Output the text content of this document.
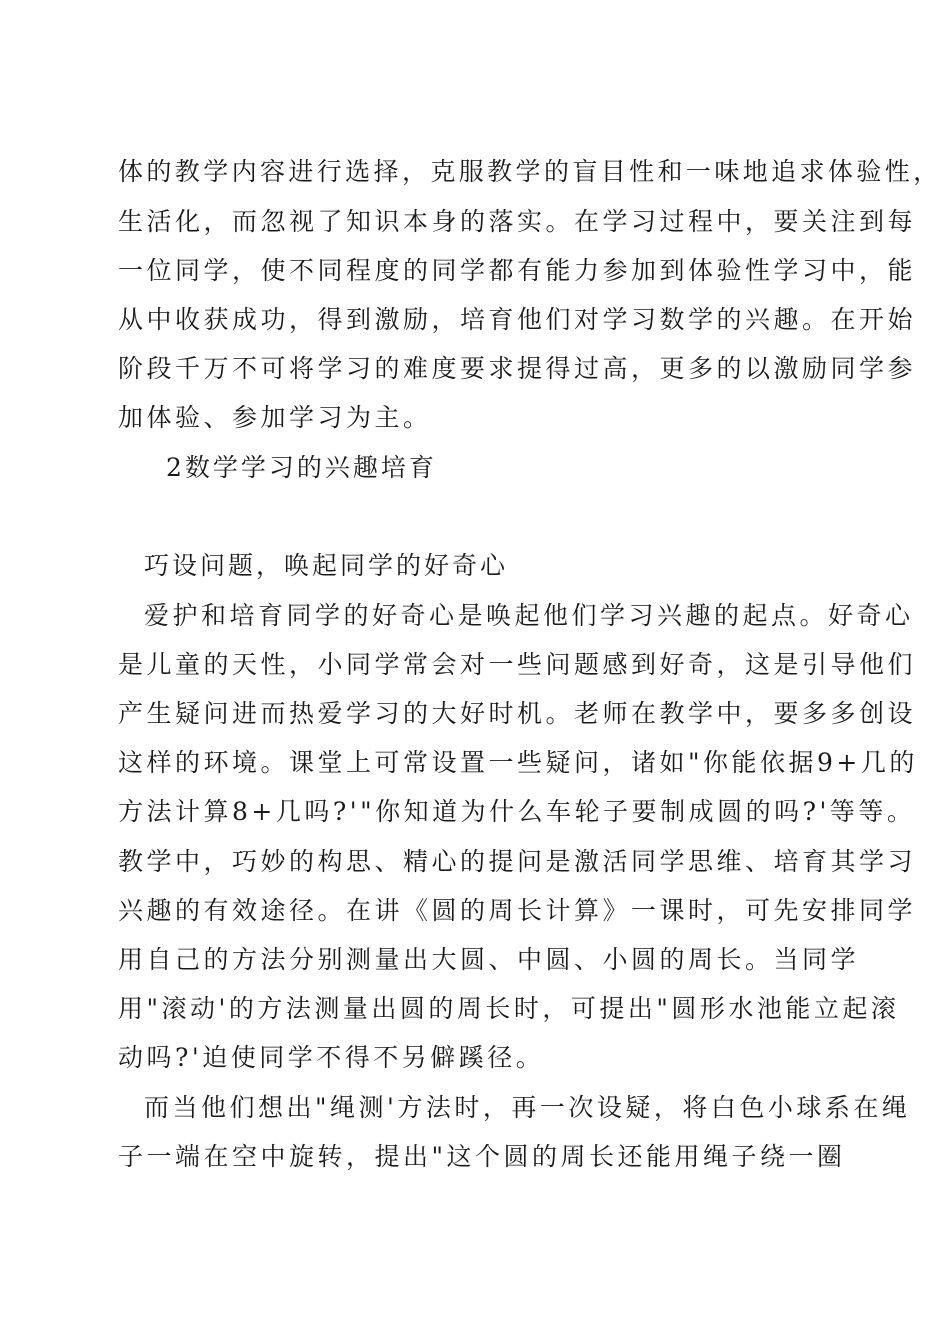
体的教学内容进行选择，克服教学的盲目性和一味地追求体验性，
生活化，而忽视了知识本身的落实。在学习过程中，要关注到每
一位同学，使不同程度的同学都有能力参加到体验性学习中，能
从中收获成功，得到激励，培育他们对学习数学的兴趣。在开始
阶段千万不可将学习的难度要求提得过高，更多的以激励同学参
加体验、参加学习为主。
2数学学习的兴趣培育
巧设问题，唤起同学的好奇心
爱护和培育同学的好奇心是唤起他们学习兴趣的起点。好奇心
是儿童的天性，小同学常会对一些问题感到好奇，这是引导他们
产生疑问进而热爱学习的大好时机。老师在教学中，要多多创设
这样的环境。课堂上可常设置一些疑问，诸如"你能依据9+几的
方法计算8+几吗?'"你知道为什么车轮子要制成圆的吗?'等等。
教学中，巧妙的构思、精心的提问是激活同学思维、培育其学习
兴趣的有效途径。在讲《圆的周长计算》一课时，可先安排同学
用自己的方法分别测量出大圆、中圆、小圆的周长。当同学
用"滚动'的方法测量出圆的周长时，可提出"圆形水池能立起滚
动吗?'迫使同学不得不另僻蹊径。
而当他们想出"绳测'方法时，再一次设疑，将白色小球系在绳
子一端在空中旋转，提出"这个圆的周长还能用绳子绕一圈
